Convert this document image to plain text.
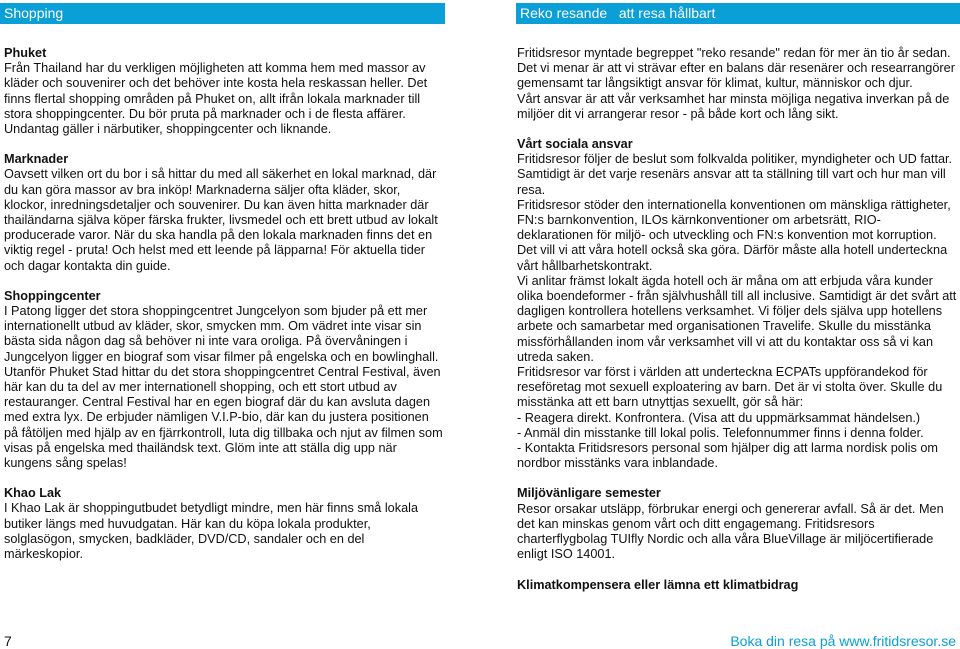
Shopping	Reko resande   att resa hållbart
Phuket
Från Thailand har du verkligen möjligheten att komma hem med massor av kläder och souvenirer och det behöver inte kosta hela reskassan heller. Det finns flertal shopping områden på Phuket on, allt ifrån lokala marknader till stora shoppingcenter. Du bör pruta på marknader och i de flesta affärer. Undantag gäller i närbutiker, shoppingcenter och liknande.
Marknader
Oavsett vilken ort du bor i så hittar du med all säkerhet en lokal marknad, där du kan göra massor av bra inköp! Marknaderna säljer ofta kläder, skor, klockor, inredningsdetaljer och souvenirer. Du kan även hitta marknader där thailändarna själva köper färska frukter, livsmedel och ett brett utbud av lokalt producerade varor. När du ska handla på den lokala marknaden finns det en viktig regel - pruta! Och helst med ett leende på läpparna! För aktuella tider och dagar kontakta din guide.
Shoppingcenter
I Patong ligger det stora shoppingcentret Jungcelyon som bjuder på ett mer internationellt utbud av kläder, skor, smycken mm. Om vädret inte visar sin bästa sida någon dag så behöver ni inte vara oroliga. På övervåningen i Jungcelyon ligger en biograf som visar filmer på engelska och en bowlinghall.
Utanför Phuket Stad hittar du det stora shoppingcentret Central Festival, även här kan du ta del av mer internationell shopping, och ett stort utbud av restauranger. Central Festival har en egen biograf där du kan avsluta dagen med extra lyx. De erbjuder nämligen V.I.P-bio, där kan du justera positionen på fåtöljen med hjälp av en fjärrkontroll, luta dig tillbaka och njut av filmen som visas på engelska med thailändsk text. Glöm inte att ställa dig upp när kungens sång spelas!
Khao Lak
I Khao Lak är shoppingutbudet betydligt mindre, men här finns små lokala butiker längs med huvudgatan. Här kan du köpa lokala produkter, solglasögon, smycken, badkläder, DVD/CD, sandaler och en del märkeskopior.
Fritidsresor myntade begreppet "reko resande" redan för mer än tio år sedan. Det vi menar är att vi strävar efter en balans där resenärer och researrangörer gemensamt tar långsiktigt ansvar för klimat, kultur, människor och djur.
Vårt ansvar är att vår verksamhet har minsta möjliga negativa inverkan på de miljöer dit vi arrangerar resor - på både kort och lång sikt.
Vårt sociala ansvar
Fritidsresor följer de beslut som folkvalda politiker, myndigheter och UD fattar. Samtidigt är det varje resenärs ansvar att ta ställning till vart och hur man vill resa.
Fritidsresor stöder den internationella konventionen om mänskliga rättigheter, FN:s barnkonvention, ILOs kärnkonventioner om arbetsrätt, RIO-deklarationen för miljö- och utveckling och FN:s konvention mot korruption. Det vill vi att våra hotell också ska göra. Därför måste alla hotell underteckna vårt hållbarhetskontrakt.
Vi anlitar främst lokalt ägda hotell och är måna om att erbjuda våra kunder olika boendeformer - från självhushåll till all inclusive. Samtidigt är det svårt att dagligen kontrollera hotellens verksamhet. Vi följer dels själva upp hotellens arbete och samarbetar med organisationen Travelife. Skulle du misstänka missförhållanden inom vår verksamhet vill vi att du kontaktar oss så vi kan utreda saken.
Fritidsresor var först i världen att underteckna ECPATs uppförandekod för reseföretag mot sexuell exploatering av barn. Det är vi stolta över. Skulle du misstänka att ett barn utnyttjas sexuellt, gör så här:
- Reagera direkt. Konfrontera. (Visa att du uppmärksammat händelsen.)
- Anmäl din misstanke till lokal polis. Telefonnummer finns i denna folder.
- Kontakta Fritidsresors personal som hjälper dig att larma nordisk polis om nordbor misstänks vara inblandade.
Miljövänligare semester
Resor orsakar utsläpp, förbrukar energi och genererar avfall. Så är det. Men det kan minskas genom vårt och ditt engagemang. Fritidsresors charterflygbolag TUIfly Nordic och alla våra BlueVillage är miljöcertifierade enligt ISO 14001.
Klimatkompensera eller lämna ett klimatbidrag
7	Boka din resa på www.fritidsresor.se
